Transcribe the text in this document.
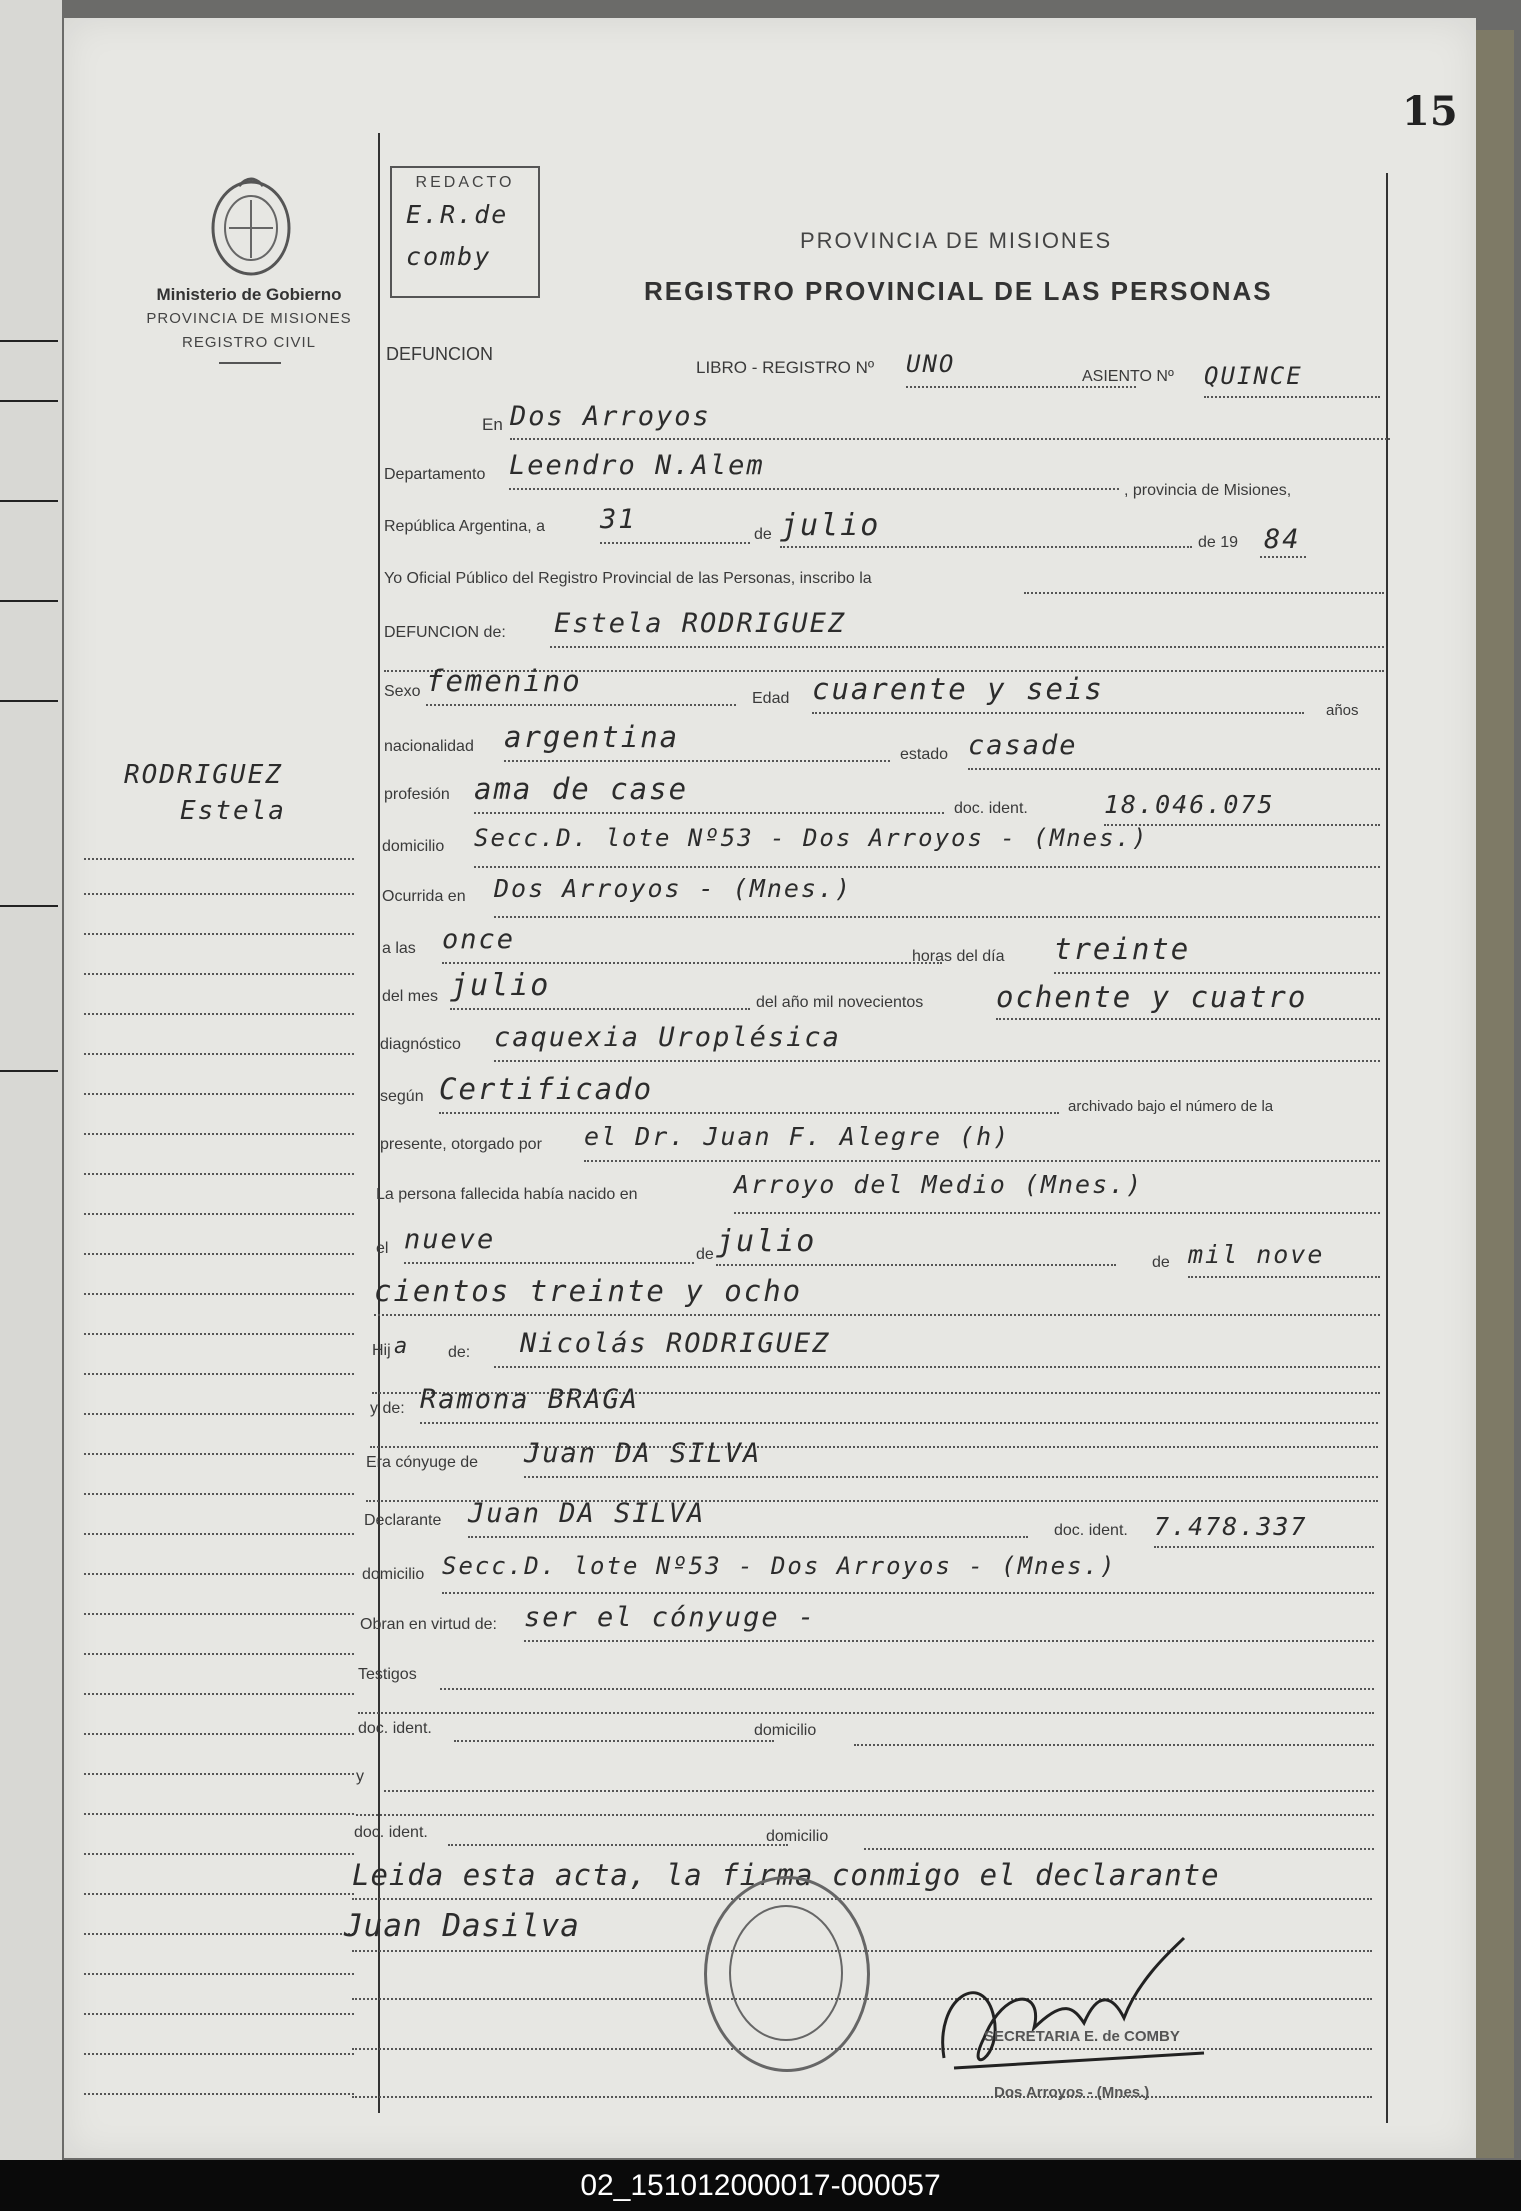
15
Ministerio de Gobierno
PROVINCIA DE MISIONES
REGISTRO CIVIL
REDACTO
E.R.de
comby
PROVINCIA DE MISIONES
REGISTRO PROVINCIAL DE LAS PERSONAS
DEFUNCION
RODRIGUEZ
Estela
LIBRO - REGISTRO Nº UNO	ASIENTO Nº QUINCE
En Dos Arroyos
Departamento Leendro N.Alem
, provincia de Misiones,
República Argentina, a 31	de julio	de 19 84
Yo Oficial Público del Registro Provincial de las Personas, inscribo la
DEFUNCION de: Estela RODRIGUEZ
Sexo femenino
Edad cuarente y seis
años
nacionalidad argentina
estado casade
profesión ama de case
doc. ident.	18.046.075
domicilio Secc.D. lote Nº53 - Dos Arroyos - (Mnes.)
Ocurrida en Dos Arroyos - (Mnes.)
a las once
horas del día treinte
del mes julio	del año mil novecientos	ochente y cuatro
diagnóstico caquexia Uroplésica
según Certificado
archivado bajo el número de la
presente, otorgado por el Dr. Juan F. Alegre (h)
La persona fallecida había nacido en	Arroyo del Medio (Mnes.)
el nueve	de julio
de mil nove
cientos treinte y ocho
Hij a de: Nicolás RODRIGUEZ
y de: Ramona BRAGA
Era cónyuge de Juan DA SILVA
Declarante Juan DA SILVA
doc. ident. 7.478.337
domicilio Secc.D. lote Nº53 - Dos Arroyos - (Mnes.)
Obran en virtud de: ser el cónyuge -
Testigos
doc. ident.	domicilio
y
doc. ident.	domicilio
Leida esta acta, la firma conmigo el declarante
Juan Dasilva
SECRETARIA E. de COMBY
Dos Arroyos - (Mnes.)
02_151012000017-000057
